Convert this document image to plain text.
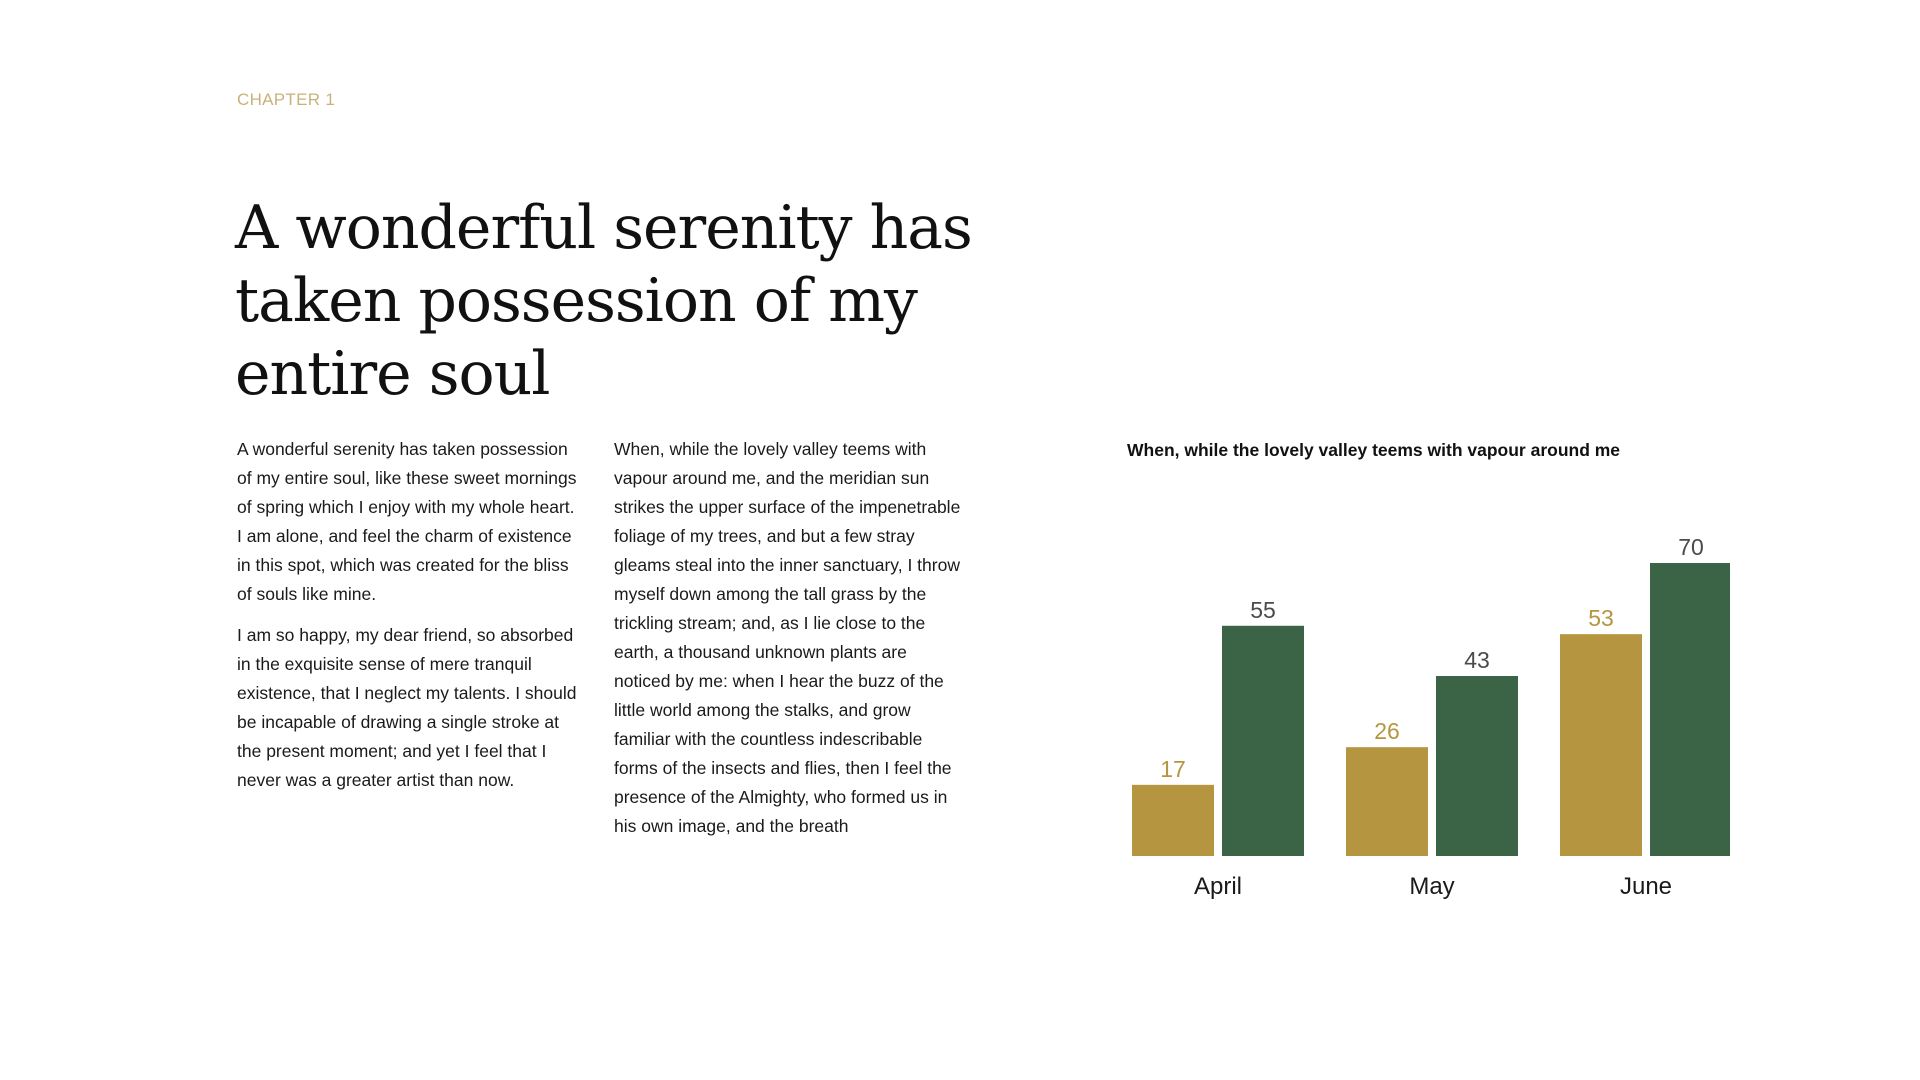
CHAPTER 1
A wonderful serenity has taken possession of my entire soul

A wonderful serenity has taken possession of my entire soul, like these sweet mornings of spring which I enjoy with my whole heart. I am alone, and feel the charm of existence in this spot, which was created for the bliss of souls like mine.

I am so happy, my dear friend, so absorbed in the exquisite sense of mere tranquil existence, that I neglect my talents. I should be incapable of drawing a single stroke at the present moment; and yet I feel that I never was a greater artist than now.

When, while the lovely valley teems with vapour around me, and the meridian sun strikes the upper surface of the impenetrable foliage of my trees, and but a few stray gleams steal into the inner sanctuary, I throw myself down among the tall grass by the trickling stream; and, as I lie close to the earth, a thousand unknown plants are noticed by me: when I hear the buzz of the little world among the stalks, and grow familiar with the countless indescribable forms of the insects and flies, then I feel the presence of the Almighty, who formed us in his own image, and the breath

When, while the lovely valley teems with vapour around me
17
55
April
26
43
May
53
70
June
